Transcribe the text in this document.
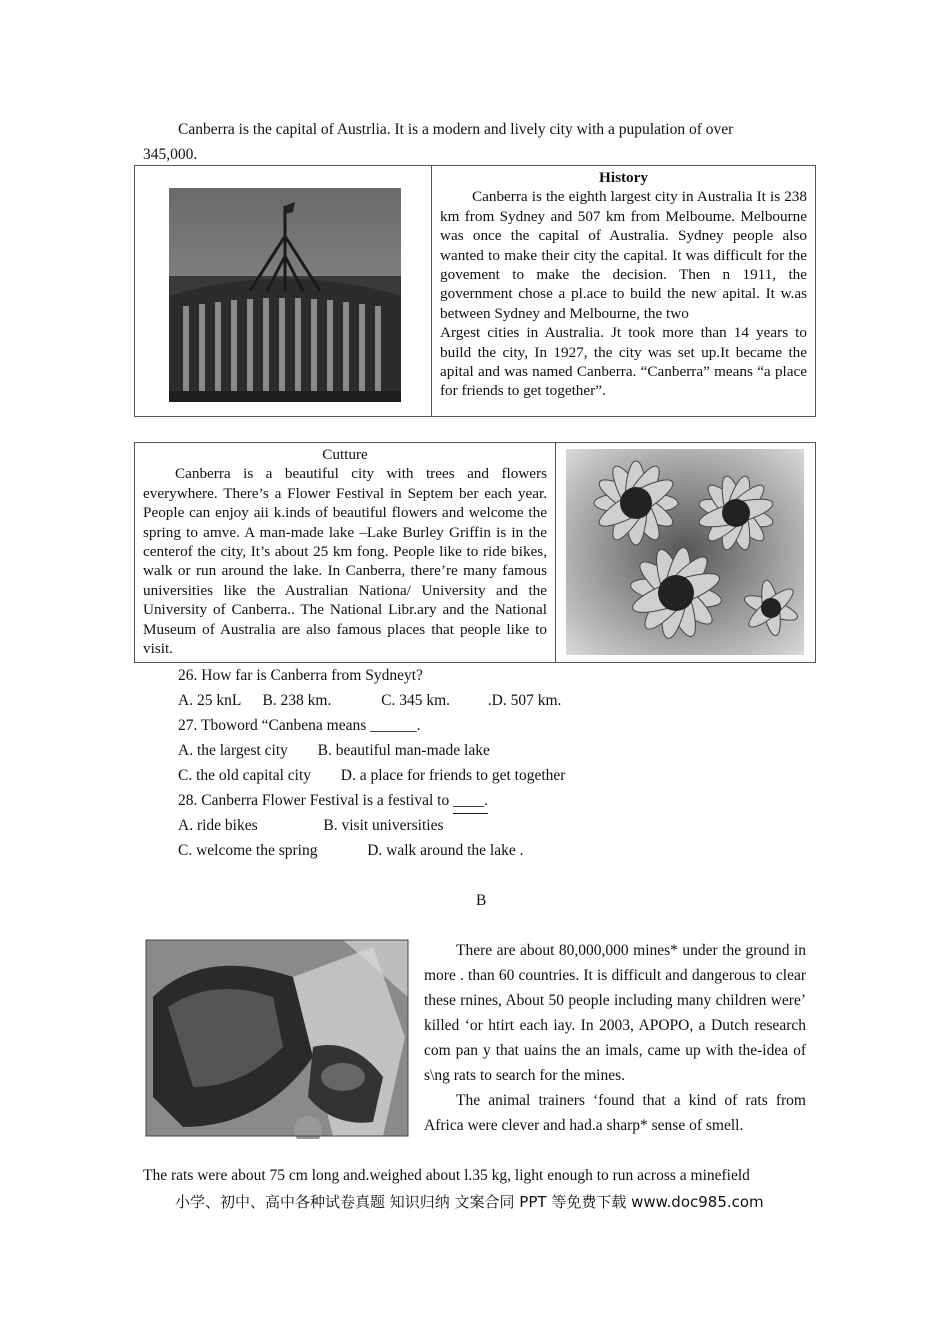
Canberra is the capital of Austrlia. It is a modern and lively city with a pupulation of over
345,000.

History
Canberra is the eighth largest city in Australia It is 238 km from Sydney and 507 km from Melboume. Melbourne was once the capital of Australia. Sydney people also wanted to make their city the capital. It was difficult for the govement to make the decision. Then n 1911, the government chose a pl.ace to build the new apital. It w.as between Sydney and Melbourne, the two
Argest cities in Australia. Jt took more than 14 years to build the city, In 1927, the city was set up.It became the apital and was named Canberra. “Canberra” means “a place for friends to get together”.
Cutture
Canberra is a beautiful city with trees and flowers everywhere. There’s a Flower Festival in Septem ber each year. People can enjoy aii k.inds of beautiful flowers and welcome the spring to amve. A man-made lake –Lake Burley Griffin is in the centerof the city, It’s about 25 km fong. People like to ride bikes, walk or run around the lake. In Canberra, there’re many famous universities like the Australian Nationa/ University and the University of Canberra.. The National Libr.ary and the National Museum of Australia are also famous places that people like to visit.

26. How far is Canberra from Sydneyt?
A. 25 knL B. 238 km.	C. 345 km. .D. 507 km.
27. Tboword “Canbena means ______.
A. the largest city B. beautiful man-made lake
C. the old capital city D. a place for friends to get together
28. Canberra Flower Festival is a festival to ____.
A. ride bikes	B. visit universities
C. welcome the spring	D. walk around the lake .
B
There are about 80,000,000 mines* under the ground in more . than 60 countries. It is difficult and dangerous to clear these rnines, About 50 people including many children were’ killed ‘or htirt each iay. In 2003, APOPO, a Dutch research com pan y that uains the an imals, came up with the-idea of s\ng rats to search for the mines.
The animal trainers ‘found that a kind of rats from Africa were clever and had.a sharp* sense of smell.
The rats were about 75 cm long and.weighed about l.35 kg, light enough to run across a minefield
小学、初中、高中各种试卷真题 知识归纳 文案合同 PPT 等免费下载 www.doc985.com
